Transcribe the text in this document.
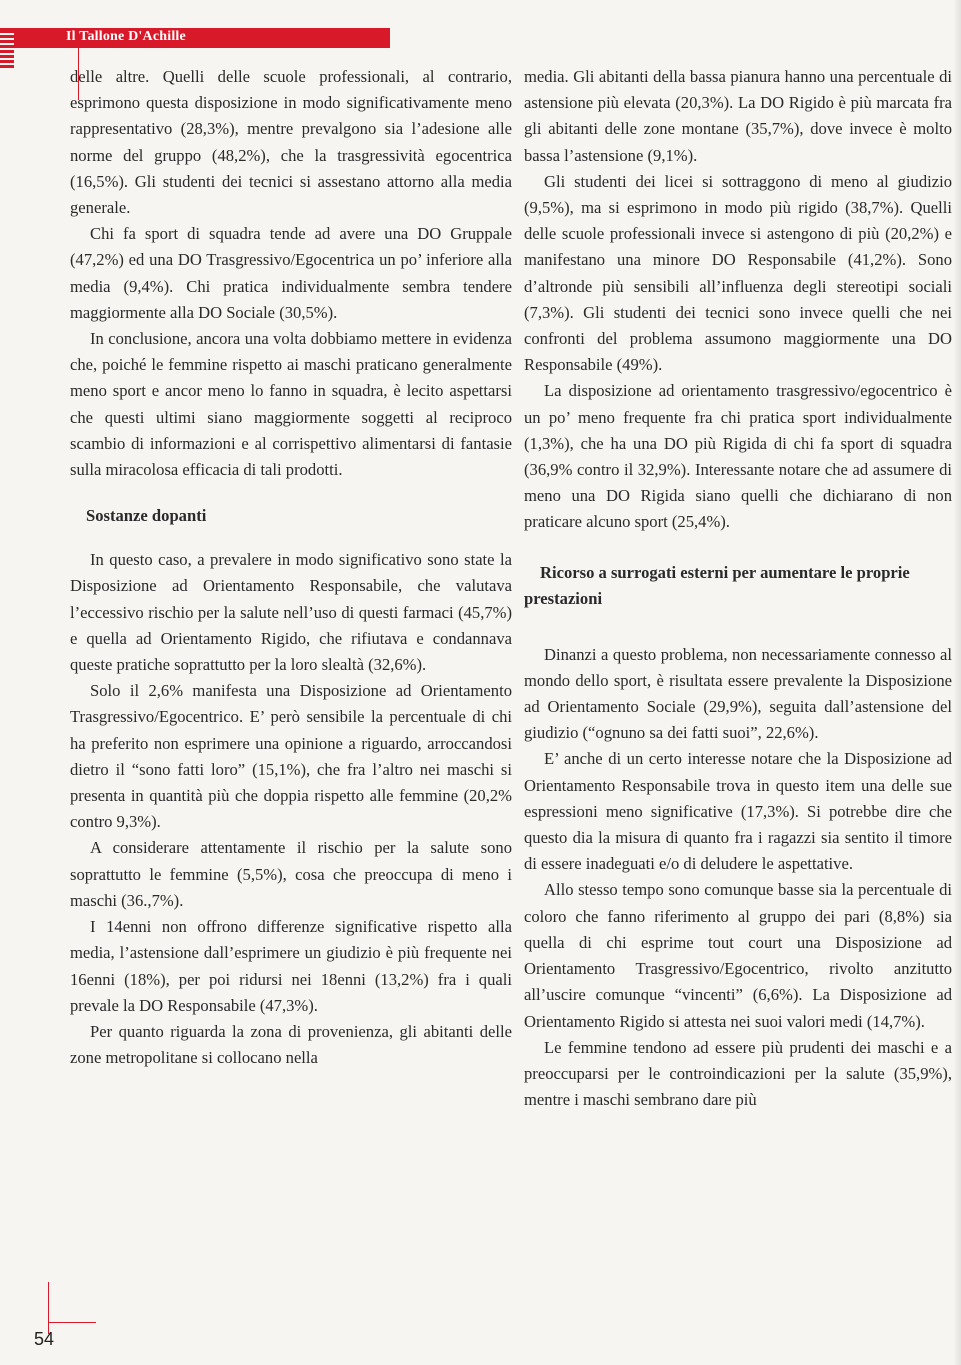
Il Tallone D'Achille

delle altre. Quelli delle scuole professionali, al contrario, esprimono questa disposizione in modo significativamente meno rappresentativo (28,3%), mentre prevalgono sia l’adesione alle norme del gruppo (48,2%), che la trasgressività egocentrica (16,5%). Gli studenti dei tecnici si assestano attorno alla media generale.

Chi fa sport di squadra tende ad avere una DO Gruppale (47,2%) ed una DO Trasgressivo/Egocentrica un po’ inferiore alla media (9,4%). Chi pratica individualmente sembra tendere maggiormente alla DO Sociale (30,5%).

In conclusione, ancora una volta dobbiamo mettere in evidenza che, poiché le femmine rispetto ai maschi praticano generalmente meno sport e ancor meno lo fanno in squadra, è lecito aspettarsi che questi ultimi siano maggiormente soggetti al reciproco scambio di informazioni e al corrispettivo alimentarsi di fantasie sulla miracolosa efficacia di tali prodotti.

Sostanze dopanti

In questo caso, a prevalere in modo significativo sono state la Disposizione ad Orientamento Responsabile, che valutava l’eccessivo rischio per la salute nell’uso di questi farmaci (45,7%) e quella ad Orientamento Rigido, che rifiutava e condannava queste pratiche soprattutto per la loro slealtà (32,6%).

Solo il 2,6% manifesta una Disposizione ad Orientamento Trasgressivo/Egocentrico. E’ però sensibile la percentuale di chi ha preferito non esprimere una opinione a riguardo, arroccandosi dietro il “sono fatti loro” (15,1%), che fra l’altro nei maschi si presenta in quantità più che doppia rispetto alle femmine (20,2% contro 9,3%).

A considerare attentamente il rischio per la salute sono soprattutto le femmine (5,5%), cosa che preoccupa di meno i maschi (36.,7%).

I 14enni non offrono differenze significative rispetto alla media, l’astensione dall’esprimere un giudizio è più frequente nei 16enni (18%), per poi ridursi nei 18enni (13,2%) fra i quali prevale la DO Responsabile (47,3%).

Per quanto riguarda la zona di provenienza, gli abitanti delle zone metropolitane si collocano nella

media. Gli abitanti della bassa pianura hanno una percentuale di astensione più elevata (20,3%). La DO Rigido è più marcata fra gli abitanti delle zone montane (35,7%), dove invece è molto bassa l’astensione (9,1%).

Gli studenti dei licei si sottraggono di meno al giudizio (9,5%), ma si esprimono in modo più rigido (38,7%). Quelli delle scuole professionali invece si astengono di più (20,2%) e manifestano una minore DO Responsabile (41,2%). Sono d’altronde più sensibili all’influenza degli stereotipi sociali (7,3%). Gli studenti dei tecnici sono invece quelli che nei confronti del problema assumono maggiormente una DO Responsabile (49%).

La disposizione ad orientamento trasgressivo/egocentrico è un po’ meno frequente fra chi pratica sport individualmente (1,3%), che ha una DO più Rigida di chi fa sport di squadra (36,9% contro il 32,9%). Interessante notare che ad assumere di meno una DO Rigida siano quelli che dichiarano di non praticare alcuno sport (25,4%).

Ricorso a surrogati esterni per aumentare le proprie prestazioni

Dinanzi a questo problema, non necessariamente connesso al mondo dello sport, è risultata essere prevalente la Disposizione ad Orientamento Sociale (29,9%), seguita dall’astensione del giudizio (“ognuno sa dei fatti suoi”, 22,6%).

E’ anche di un certo interesse notare che la Disposizione ad Orientamento Responsabile trova in questo item una delle sue espressioni meno significative (17,3%). Si potrebbe dire che questo dia la misura di quanto fra i ragazzi sia sentito il timore di essere inadeguati e/o di deludere le aspettative.

Allo stesso tempo sono comunque basse sia la percentuale di coloro che fanno riferimento al gruppo dei pari (8,8%) sia quella di chi esprime tout court una Disposizione ad Orientamento Trasgressivo/Egocentrico, rivolto anzitutto all’uscire comunque “vincenti” (6,6%). La Disposizione ad Orientamento Rigido si attesta nei suoi valori medi (14,7%).

Le femmine tendono ad essere più prudenti dei maschi e a preoccuparsi per le controindicazioni per la salute (35,9%), mentre i maschi sembrano dare più

54
